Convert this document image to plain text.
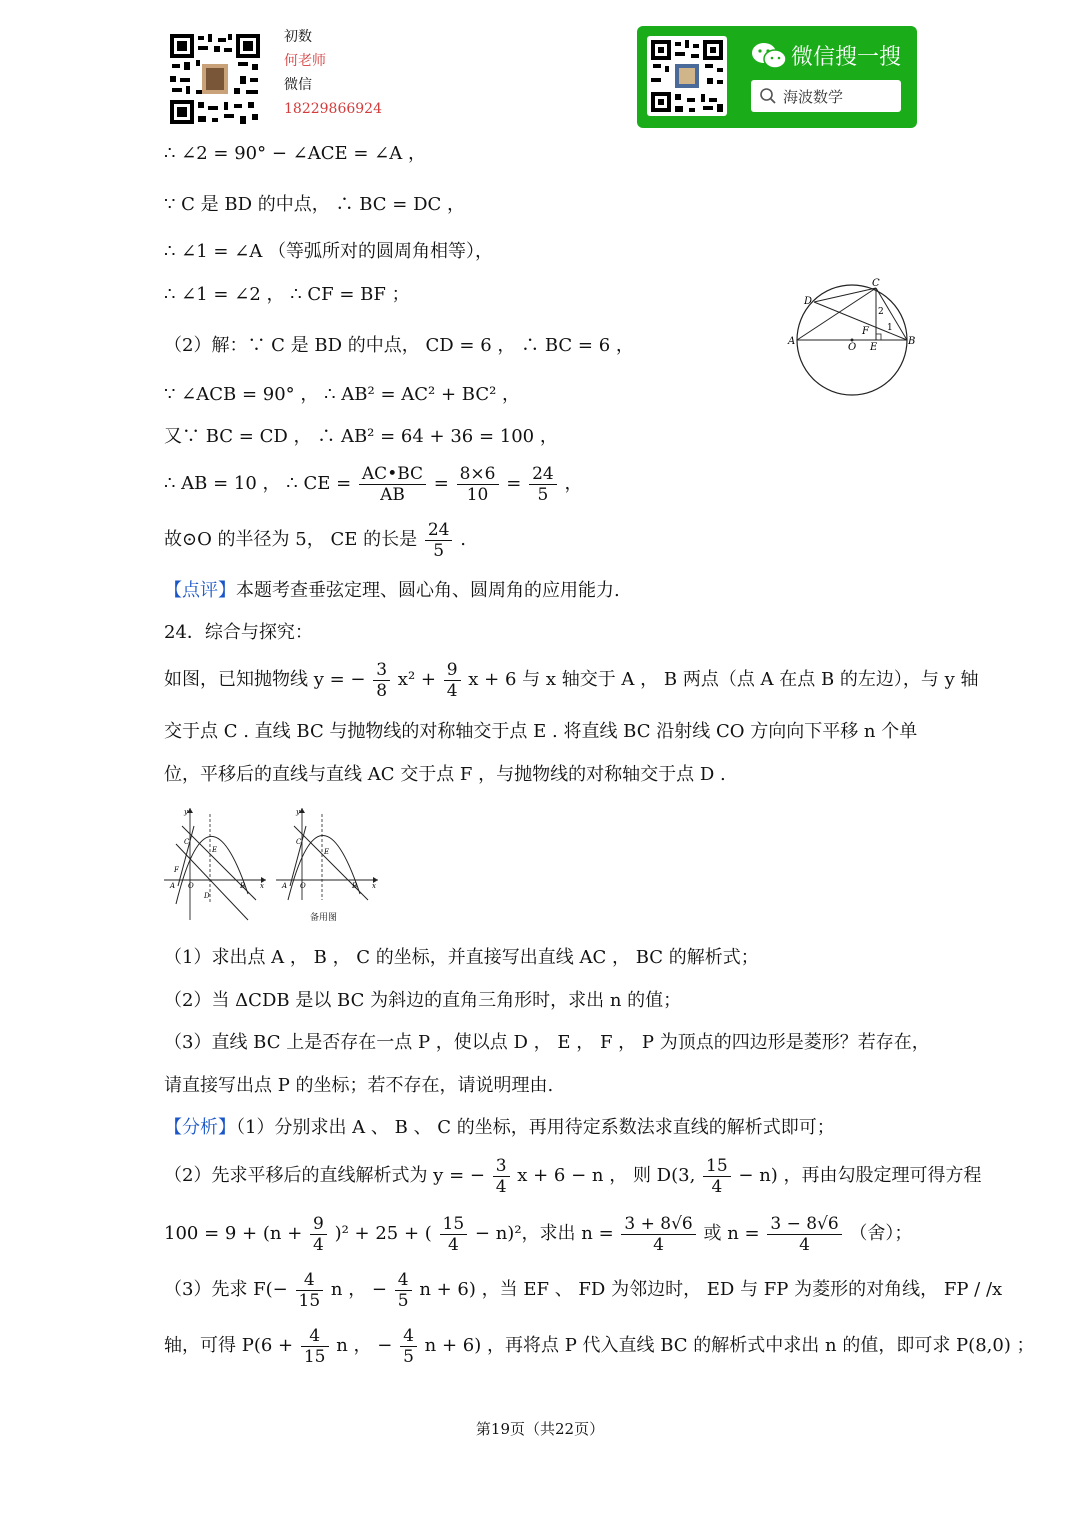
初数
何老师
微信
18229866924
微信搜一搜
海波数学
∴ ∠2 = 90° − ∠ACE = ∠A ，
∵ C 是 BD 的中点， ∴ BC = DC ，
∴ ∠1 = ∠A （等弧所对的圆周角相等），
∴ ∠1 = ∠2 ， ∴ CF = BF ；
（2）解：∵ C 是 BD 的中点， CD = 6 ， ∴ BC = 6 ，
∵ ∠ACB = 90° ， ∴ AB² = AC² + BC² ，
又∵ BC = CD ， ∴ AB² = 64 + 36 = 100 ，
∴ AB = 10 ， ∴ CE = $\frac{AC•BC}{AB} = \frac{8\times 6}{10} = \frac{24}{5}$ ，
故⊙O 的半径为 5， CE 的长是 $\frac{24}{5}$ .
【点评】本题考查垂弦定理、圆心角、圆周角的应用能力.
24．综合与探究：
如图，已知抛物线 y = − $\frac{3}{8} x^2 + \frac{9}{4}$ x + 6 与 x 轴交于 A ， B 两点（点 A 在点 B 的左边），与 y 轴
交于点 C . 直线 BC 与抛物线的对称轴交于点 E . 将直线 BC 沿射线 CO 方向向下平移 n 个单
位，平移后的直线与直线 AC 交于点 F ，与抛物线的对称轴交于点 D .
C
D
A	B
O E
F 1
2
y
C
E
F
A O
D
B x
y
C
E
A O	B x
备用图
（1）求出点 A ， B ， C 的坐标，并直接写出直线 AC ， BC 的解析式；
（2）当 ΔCDB 是以 BC 为斜边的直角三角形时，求出 n 的值；
（3）直线 BC 上是否存在一点 P ，使以点 D ， E ， F ， P 为顶点的四边形是菱形？若存在，
请直接写出点 P 的坐标；若不存在，请说明理由.
【分析】（1）分别求出 A 、 B 、 C 的坐标，再用待定系数法求直线的解析式即可；
（2）先求平移后的直线解析式为 y = − $\frac{3}{4}$ x + 6 − n ， 则 D(3, $\frac{15}{4} - n$) ，再由勾股定理可得方程
$100 = 9 + (n + \frac{9}{4} )^2 + 25$ + ( $\frac{15}{4} - n)^2$，求出 $n = \frac{3 + 8√6}{4}$ 或 $n = \frac{3 - 8√6}{4}$ （舍）；
（3）先求 $F(- \frac{4}{15}$ n ， − $\frac{4}{5}$ n + 6) ，当 EF 、 FD 为邻边时， ED 与 FP 为菱形的对角线， FP / /x
轴，可得 $P(6 + \frac{4}{15}$ n ， − $\frac{4}{5}$ n + 6) ，再将点 P 代入直线 BC 的解析式中求出 n 的值，即可求 P(8,0) ；
第19页（共22页）
